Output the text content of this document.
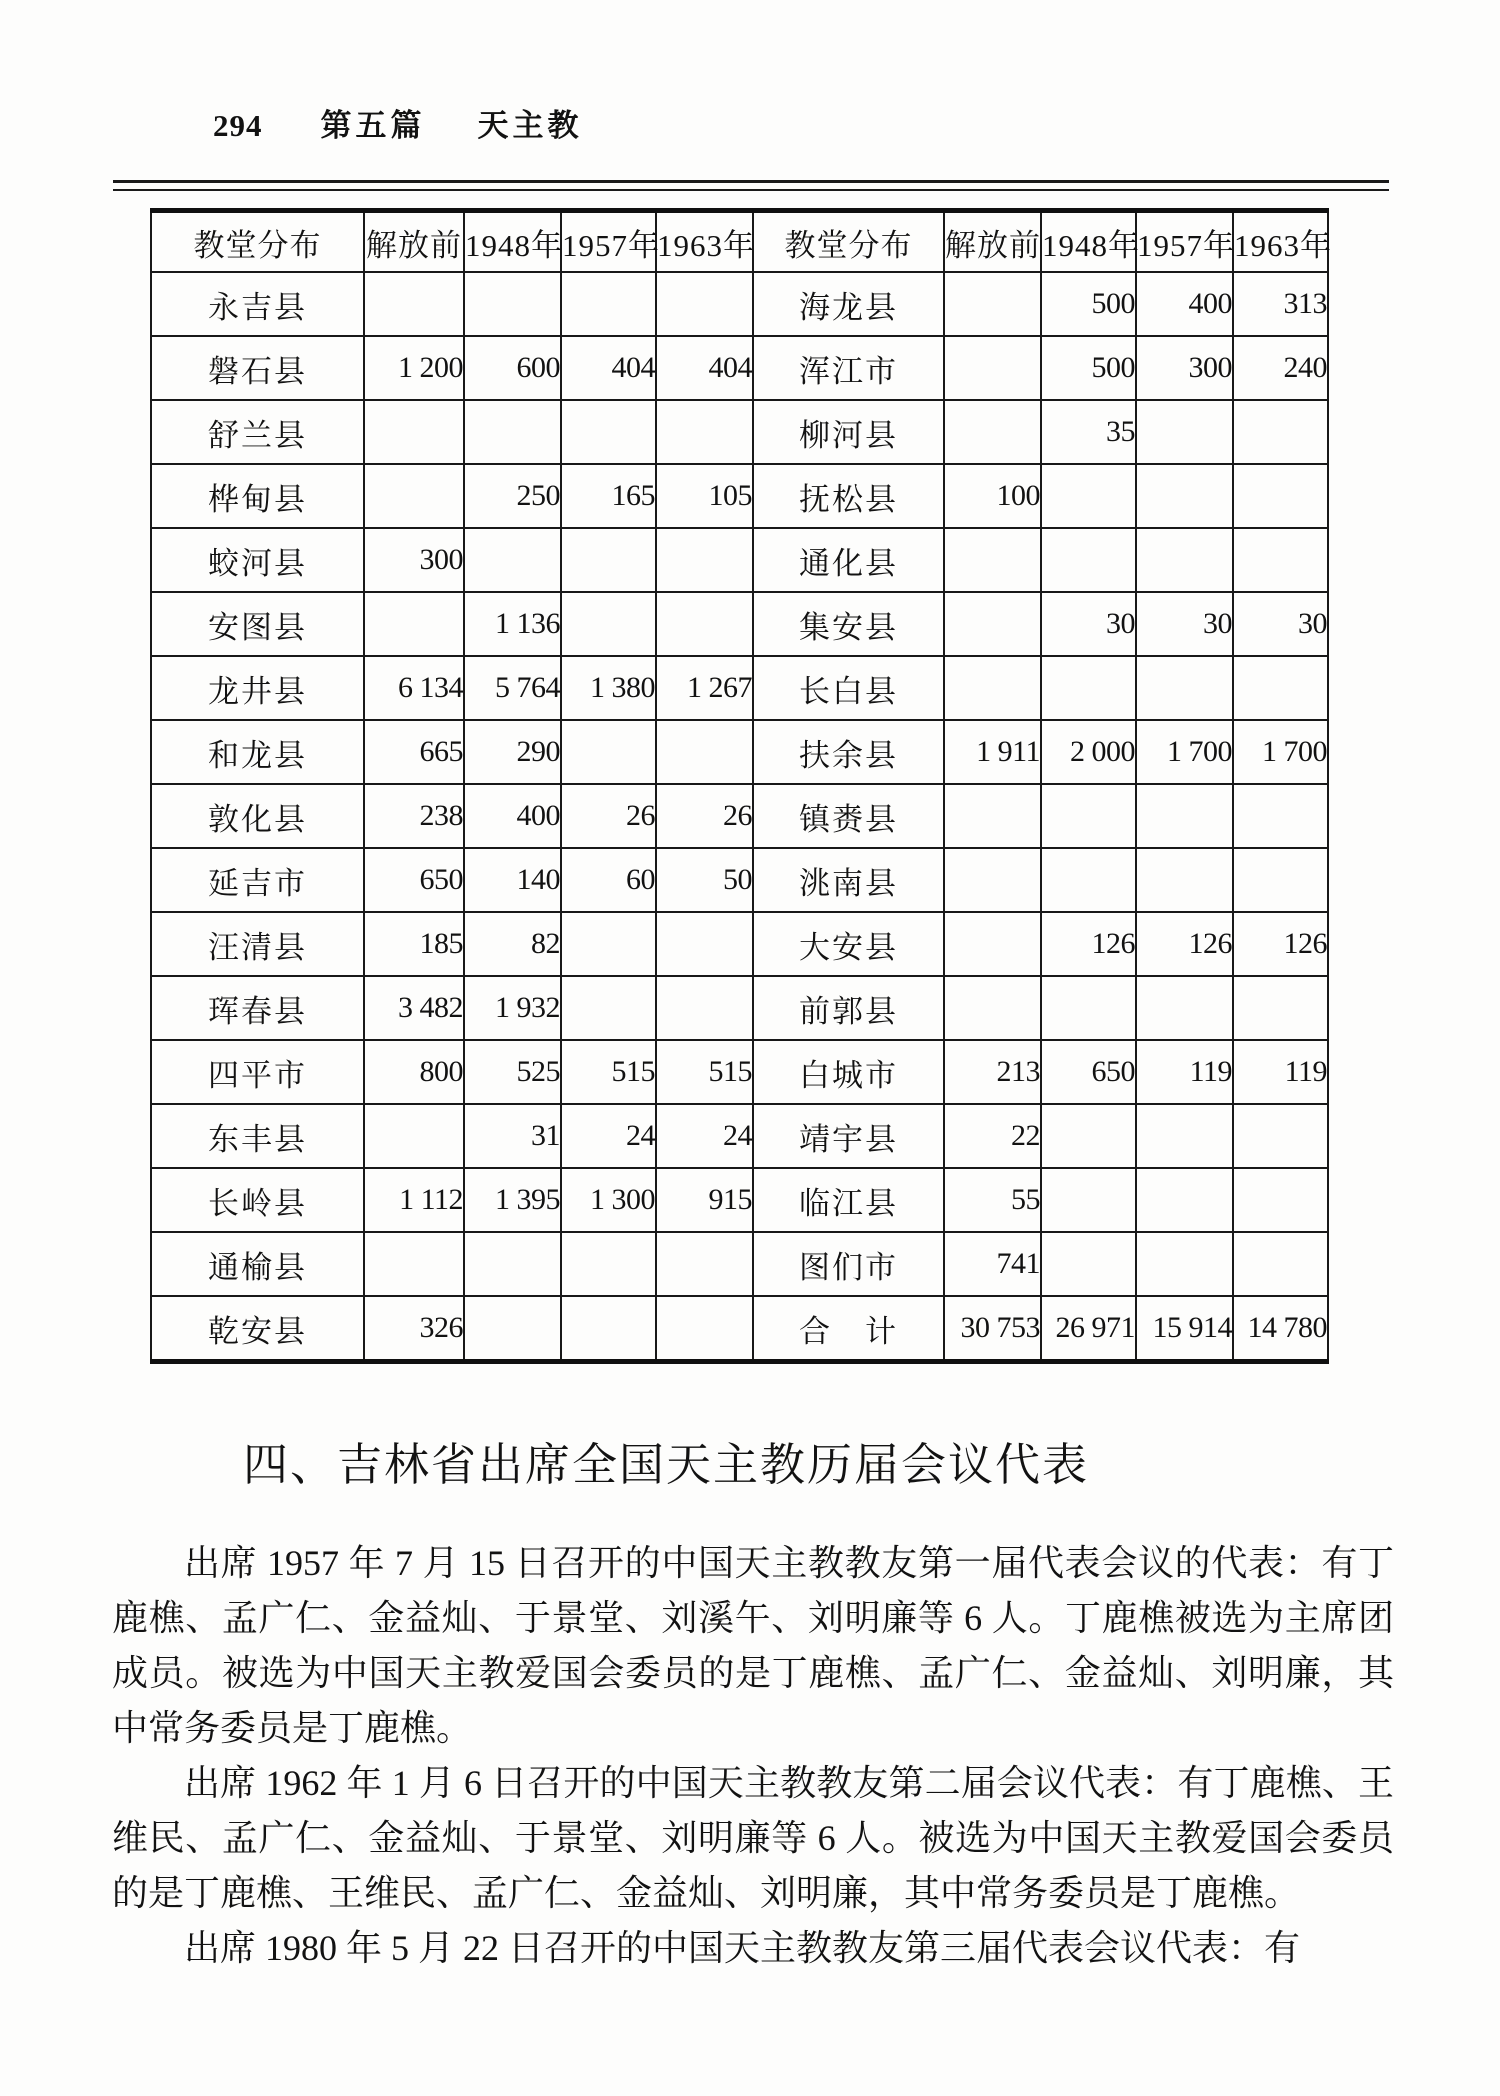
294 第五篇 天主教
教堂分布	解放前	1948年	1957年	1963年	教堂分布	解放前	1948年	1957年	1963年
永吉县					海龙县		500	400	313
磐石县	1 200	600	404	404	浑江市		500	300	240
舒兰县					柳河县		35		
桦甸县		250	165	105	抚松县	100			
蛟河县	300				通化县				
安图县		1 136			集安县		30	30	30
龙井县	6 134	5 764	1 380	1 267	长白县				
和龙县	665	290			扶余县	1 911	2 000	1 700	1 700
敦化县	238	400	26	26	镇赉县				
延吉市	650	140	60	50	洮南县				
汪清县	185	82			大安县		126	126	126
珲春县	3 482	1 932			前郭县				
四平市	800	525	515	515	白城市	213	650	119	119
东丰县		31	24	24	靖宇县	22			
长岭县	1 112	1 395	1 300	915	临江县	55			
通榆县					图们市	741			
乾安县	326				合　计	30 753	26 971	15 914	14 780
四、吉林省出席全国天主教历届会议代表

出席 1957 年 7 月 15 日召开的中国天主教教友第一届代表会议的代表：有丁鹿樵、孟广仁、金益灿、于景堂、刘溪午、刘明廉等 6 人。丁鹿樵被选为主席团成员。被选为中国天主教爱国会委员的是丁鹿樵、孟广仁、金益灿、刘明廉，其中常务委员是丁鹿樵。

出席 1962 年 1 月 6 日召开的中国天主教教友第二届会议代表：有丁鹿樵、王维民、孟广仁、金益灿、于景堂、刘明廉等 6 人。被选为中国天主教爱国会委员的是丁鹿樵、王维民、孟广仁、金益灿、刘明廉，其中常务委员是丁鹿樵。

出席 1980 年 5 月 22 日召开的中国天主教教友第三届代表会议代表：有
